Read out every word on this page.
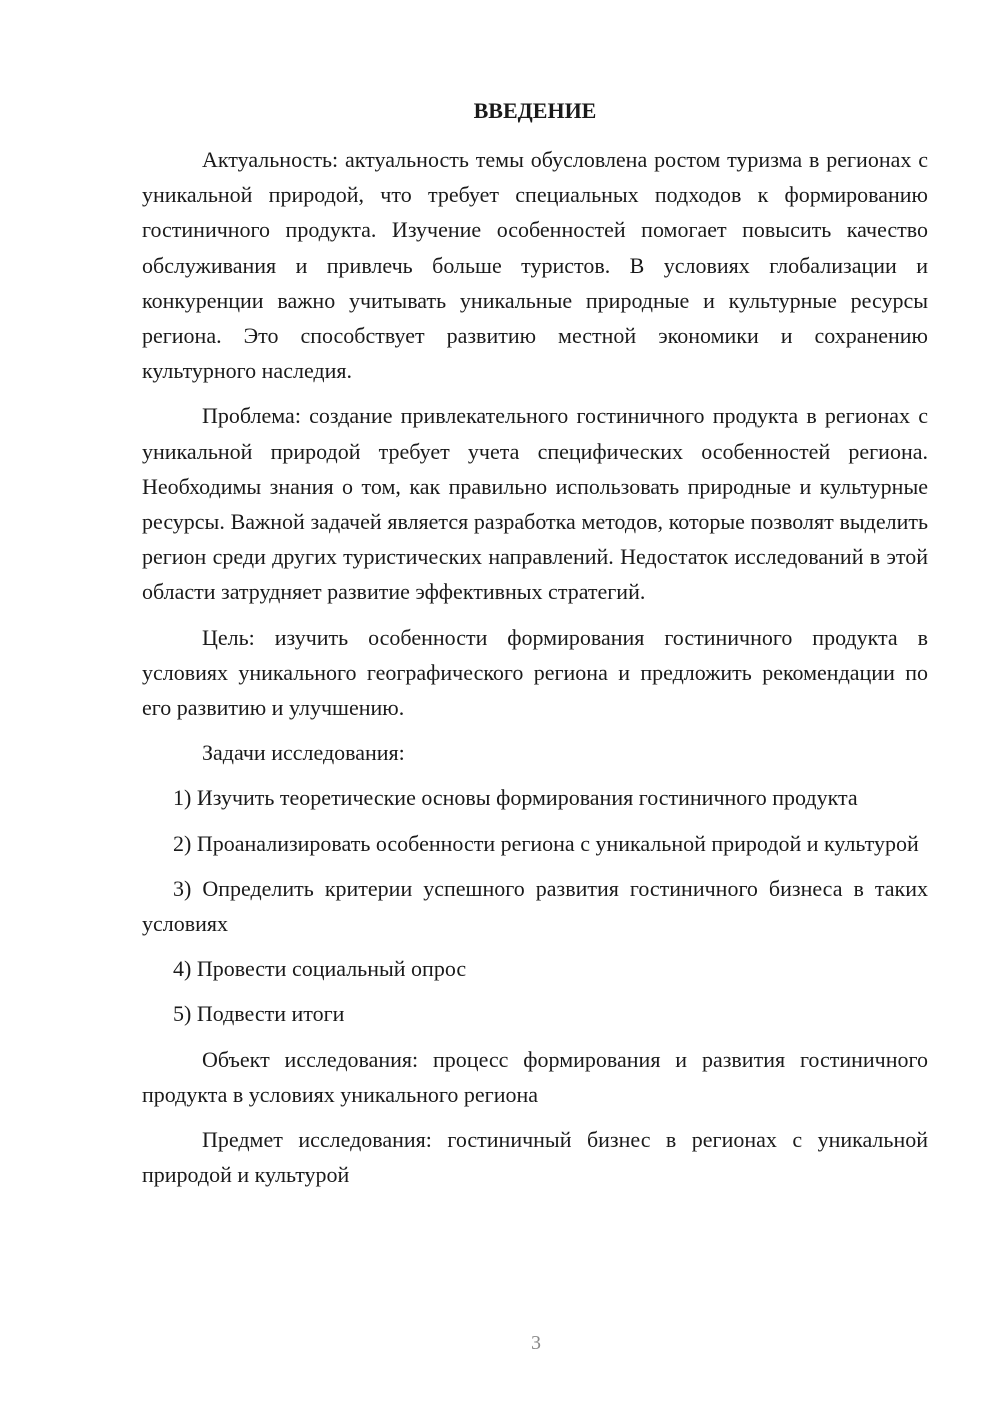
ВВЕДЕНИЕ

Актуальность: актуальность темы обусловлена ростом туризма в регионах с уникальной природой, что требует специальных подходов к формированию гостиничного продукта. Изучение особенностей помогает повысить качество обслуживания и привлечь больше туристов. В условиях глобализации и конкуренции важно учитывать уникальные природные и культурные ресурсы региона. Это способствует развитию местной экономики и сохранению культурного наследия.

Проблема: создание привлекательного гостиничного продукта в регионах с уникальной природой требует учета специфических особенностей региона. Необходимы знания о том, как правильно использовать природные и культурные ресурсы. Важной задачей является разработка методов, которые позволят выделить регион среди других туристических направлений. Недостаток исследований в этой области затрудняет развитие эффективных стратегий.

Цель: изучить особенности формирования гостиничного продукта в условиях уникального географического региона и предложить рекомендации по его развитию и улучшению.

Задачи исследования:

1) Изучить теоретические основы формирования гостиничного продукта

2) Проанализировать особенности региона с уникальной природой и культурой

3) Определить критерии успешного развития гостиничного бизнеса в таких условиях

4) Провести социальный опрос

5) Подвести итоги

Объект исследования: процесс формирования и развития гостиничного продукта в условиях уникального региона

Предмет исследования: гостиничный бизнес в регионах с уникальной природой и культурой

3
